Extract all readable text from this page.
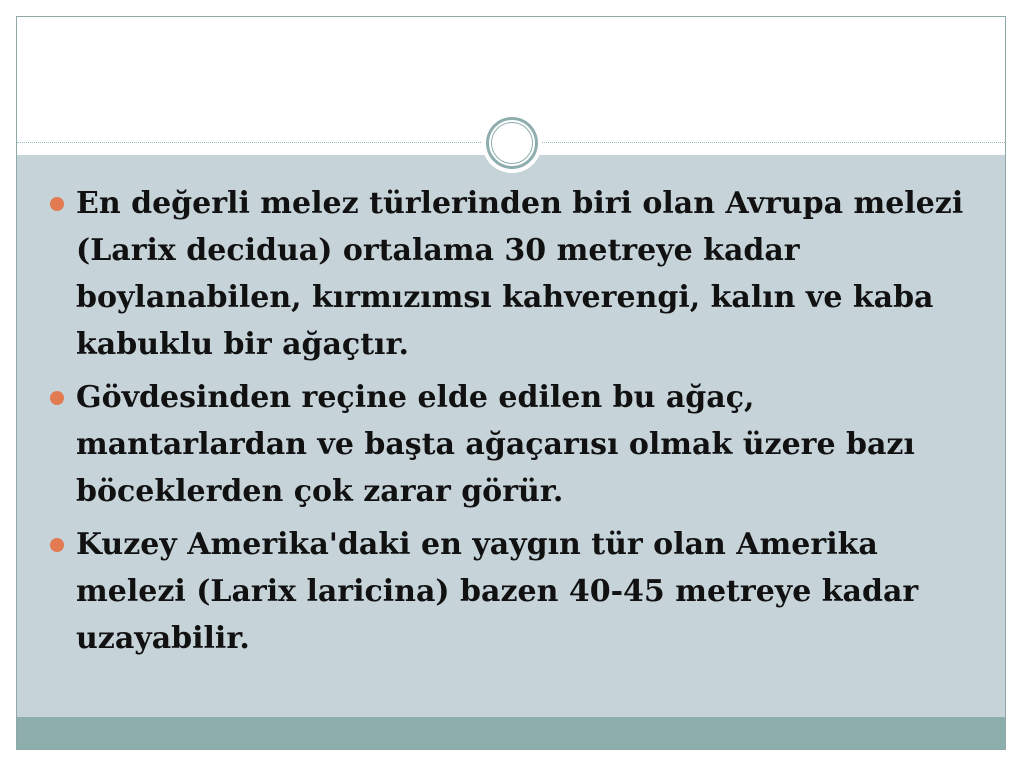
En değerli melez türlerinden biri olan Avrupa melezi (Larix decidua) ortalama 30 metreye kadar boylanabilen, kırmızımsı kahverengi, kalın ve kaba kabuklu bir ağaçtır.
Gövdesinden reçine elde edilen bu ağaç, mantarlardan ve başta ağaçarısı olmak üzere bazı böceklerden çok zarar görür.
Kuzey Amerika'daki en yaygın tür olan Amerika melezi (Larix laricina) bazen 40-45 metreye kadar uzayabilir.
